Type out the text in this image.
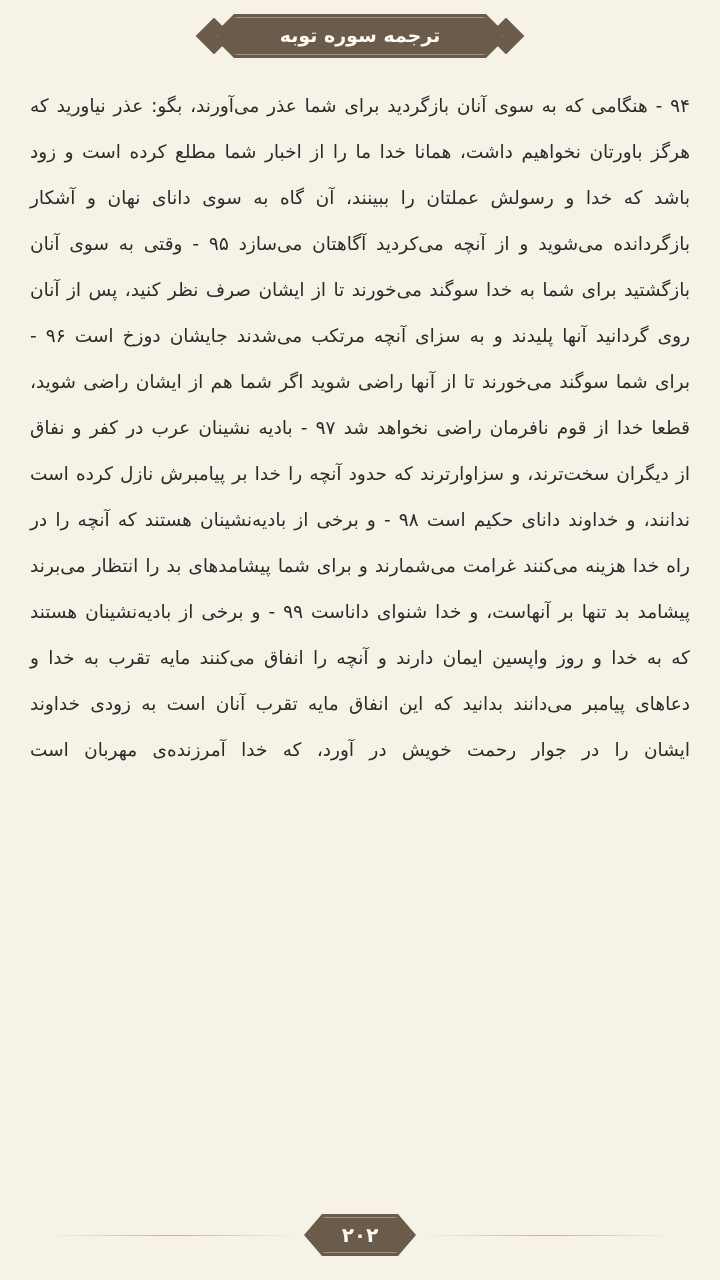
ترجمه سوره توبه
۹۴ - هنگامی که به سوی آنان بازگردید برای شما عذر می‌آورند، بگو: عذر نیاورید که هرگز باورتان نخواهیم داشت، همانا خدا ما را از اخبار شما مطلع کرده است و زود باشد که خدا و رسولش عملتان را ببینند، آن گاه به سوی دانای نهان و آشکار بازگردانده می‌شوید و از آنچه می‌کردید آگاهتان می‌سازد ۹۵ - وقتی به سوی آنان بازگشتید برای شما به خدا سوگند می‌خورند تا از ایشان صرف نظر کنید، پس از آنان روی گردانید آنها پلیدند و به سزای آنچه مرتکب می‌شدند جایشان دوزخ است ۹۶ - برای شما سوگند می‌خورند تا از آنها راضی شوید اگر شما هم از ایشان راضی شوید، قطعا خدا از قوم نافرمان راضی نخواهد شد ۹۷ - بادیه نشینان عرب در کفر و نفاق از دیگران سخت‌ترند، و سزاوارترند که حدود آنچه را خدا بر پیامبرش نازل کرده است ندانند، و خداوند دانای حکیم است ۹۸ - و برخی از بادیه‌نشینان هستند که آنچه را در راه خدا هزینه می‌کنند غرامت می‌شمارند و برای شما پیشامدهای بد را انتظار می‌برند پیشامد بد تنها بر آنهاست، و خدا شنوای داناست ۹۹ - و برخی از بادیه‌نشینان هستند که به خدا و روز واپسین ایمان دارند و آنچه را انفاق می‌کنند مایه تقرب به خدا و دعاهای پیامبر می‌دانند بدانید که این انفاق مایه تقرب آنان است به زودی خداوند ایشان را در جوار رحمت خویش در آورد، که خدا آمرزنده‌ی مهربان است
۲۰۲
